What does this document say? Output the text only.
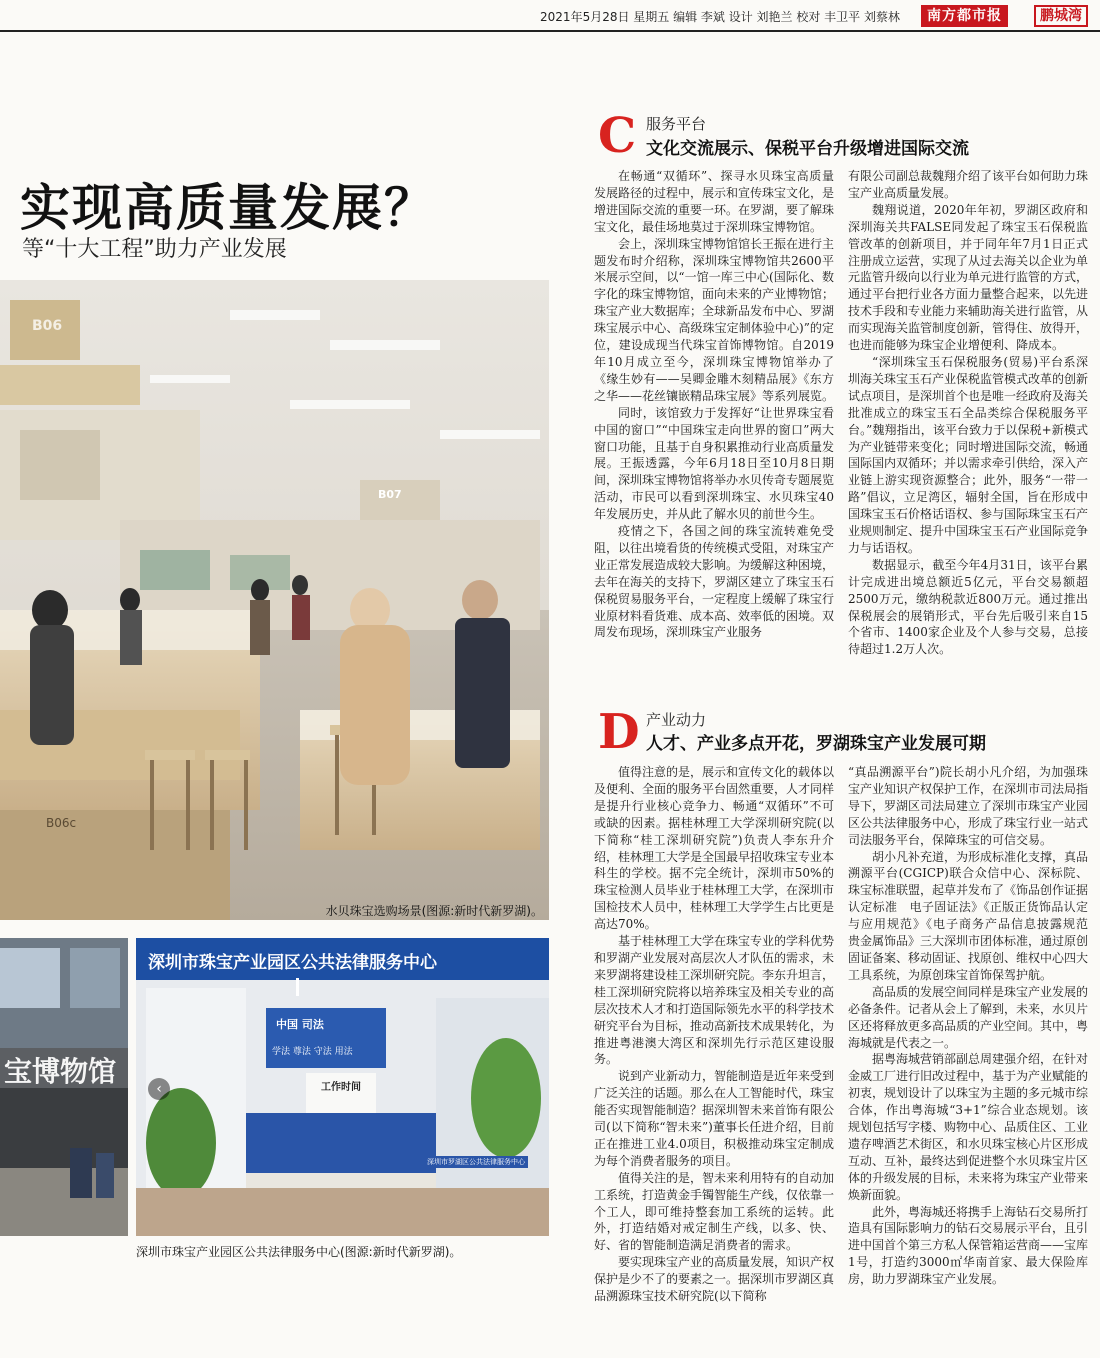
2021年5月28日 星期五 编辑 李斌 设计 刘艳兰 校对 丰卫平 刘蔡林	南方都市报	鹏城湾
实现高质量发展？
等“十大工程”助力产业发展
B06
B07
B06c
水贝珠宝选购场景(图源:新时代新罗湖)。
宝博物馆
深圳市珠宝产业园区公共法律服务中心
中国 司法
学法 尊法 守法 用法
工作时间
深圳市罗湖区公共法律服务中心
‹
深圳市珠宝产业园区公共法律服务中心(图源:新时代新罗湖)。
C 服务平台
文化交流展示、保税平台升级增进国际交流

在畅通“双循环”、探寻水贝珠宝高质量发展路径的过程中，展示和宣传珠宝文化，是增进国际交流的重要一环。在罗湖，要了解珠宝文化，最佳场地莫过于深圳珠宝博物馆。

会上，深圳珠宝博物馆馆长王振在进行主题发布时介绍称，深圳珠宝博物馆共2600平米展示空间，以“一馆一库三中心(国际化、数字化的珠宝博物馆，面向未来的产业博物馆；珠宝产业大数据库；全球新品发布中心、罗湖珠宝展示中心、高级珠宝定制体验中心)”的定位，建设成现当代珠宝首饰博物馆。自2019年10月成立至今，深圳珠宝博物馆举办了《缘生妙有——吴卿金雕木刻精品展》《东方之华——花丝镶嵌精品珠宝展》等系列展览。

同时，该馆致力于发挥好“让世界珠宝看中国的窗口”“中国珠宝走向世界的窗口”两大窗口功能，且基于自身积累推动行业高质量发展。王振透露，今年6月18日至10月8日期间，深圳珠宝博物馆将举办水贝传奇专题展览活动，市民可以看到深圳珠宝、水贝珠宝40年发展历史，并从此了解水贝的前世今生。

疫情之下，各国之间的珠宝流转难免受阻，以往出境看货的传统模式受阻，对珠宝产业正常发展造成较大影响。为缓解这种困境，去年在海关的支持下，罗湖区建立了珠宝玉石保税贸易服务平台，一定程度上缓解了珠宝行业原材料看货难、成本高、效率低的困境。双周发布现场，深圳珠宝产业服务

有限公司副总裁魏翔介绍了该平台如何助力珠宝产业高质量发展。

魏翔说道，2020年年初，罗湖区政府和深圳海关共FALSE同发起了珠宝玉石保税监管改革的创新项目，并于同年年7月1日正式注册成立运营，实现了从过去海关以企业为单元监管升级向以行业为单元进行监管的方式，通过平台把行业各方面力量整合起来，以先进技术手段和专业能力来辅助海关进行监管，从而实现海关监管制度创新，管得住、放得开，也进而能够为珠宝企业增便利、降成本。

“深圳珠宝玉石保税服务(贸易)平台系深圳海关珠宝玉石产业保税监管模式改革的创新试点项目，是深圳首个也是唯一经政府及海关批准成立的珠宝玉石全品类综合保税服务平台。”魏翔指出，该平台致力于以保税+新模式为产业链带来变化；同时增进国际交流，畅通国际国内双循环；并以需求牵引供给，深入产业链上游实现资源整合；此外，服务“一带一路”倡议，立足湾区，辐射全国，旨在形成中国珠宝玉石价格话语权、参与国际珠宝玉石产业规则制定、提升中国珠宝玉石产业国际竞争力与话语权。

数据显示，截至今年4月31日，该平台累计完成进出境总额近5亿元，平台交易额超2500万元，缴纳税款近800万元。通过推出保税展会的展销形式，平台先后吸引来自15个省市、1400家企业及个人参与交易，总接待超过1.2万人次。

D 产业动力
人才、产业多点开花，罗湖珠宝产业发展可期

值得注意的是，展示和宣传文化的载体以及便利、全面的服务平台固然重要，人才同样是提升行业核心竞争力、畅通“双循环”不可或缺的因素。据桂林理工大学深圳研究院(以下简称“桂工深圳研究院”)负责人李东升介绍，桂林理工大学是全国最早招收珠宝专业本科生的学校。据不完全统计，深圳市50%的珠宝检测人员毕业于桂林理工大学，在深圳市国检技术人员中，桂林理工大学学生占比更是高达70%。

基于桂林理工大学在珠宝专业的学科优势和罗湖产业发展对高层次人才队伍的需求，未来罗湖将建设桂工深圳研究院。李东升坦言，桂工深圳研究院将以培养珠宝及相关专业的高层次技术人才和打造国际领先水平的科学技术研究平台为目标，推动高新技术成果转化，为推进粤港澳大湾区和深圳先行示范区建设服务。

说到产业新动力，智能制造是近年来受到广泛关注的话题。那么在人工智能时代，珠宝能否实现智能制造？据深圳智未来首饰有限公司(以下简称“智未来”)董事长任进介绍，目前正在推进工业4.0项目，积极推动珠宝定制成为每个消费者服务的项目。

值得关注的是，智未来利用特有的自动加工系统，打造黄金手镯智能生产线，仅依靠一个工人，即可维持整套加工系统的运转。此外，打造结婚对戒定制生产线，以多、快、好、省的智能制造满足消费者的需求。

要实现珠宝产业的高质量发展，知识产权保护是少不了的要素之一。据深圳市罗湖区真品溯源珠宝技术研究院(以下简称

“真品溯源平台”)院长胡小凡介绍，为加强珠宝产业知识产权保护工作，在深圳市司法局指导下，罗湖区司法局建立了深圳市珠宝产业园区公共法律服务中心，形成了珠宝行业一站式司法服务平台，保障珠宝的可信交易。

胡小凡补充道，为形成标准化支撑，真品溯源平台(CGICP)联合众信中心、深标院、珠宝标准联盟，起草并发布了《饰品创作证据认定标准　电子固证法》《正版正货饰品认定与应用规范》《电子商务产品信息披露规范　贵金属饰品》三大深圳市团体标准，通过原创固证备案、移动固证、找原创、维权中心四大工具系统，为原创珠宝首饰保驾护航。

高品质的发展空间同样是珠宝产业发展的必备条件。记者从会上了解到，未来，水贝片区还将释放更多高品质的产业空间。其中，粤海城就是代表之一。

据粤海城营销部副总周建强介绍，在针对金威工厂进行旧改过程中，基于为产业赋能的初衷，规划设计了以珠宝为主题的多元城市综合体，作出粤海城“3+1”综合业态规划。该规划包括写字楼、购物中心、品质住区、工业遗存啤酒艺术街区，和水贝珠宝核心片区形成互动、互补，最终达到促进整个水贝珠宝片区体的升级发展的目标，未来将为珠宝产业带来焕新面貌。

此外，粤海城还将携手上海钻石交易所打造具有国际影响力的钻石交易展示平台，且引进中国首个第三方私人保管箱运营商——宝库1号，打造约3000㎡华南首家、最大保险库房，助力罗湖珠宝产业发展。
